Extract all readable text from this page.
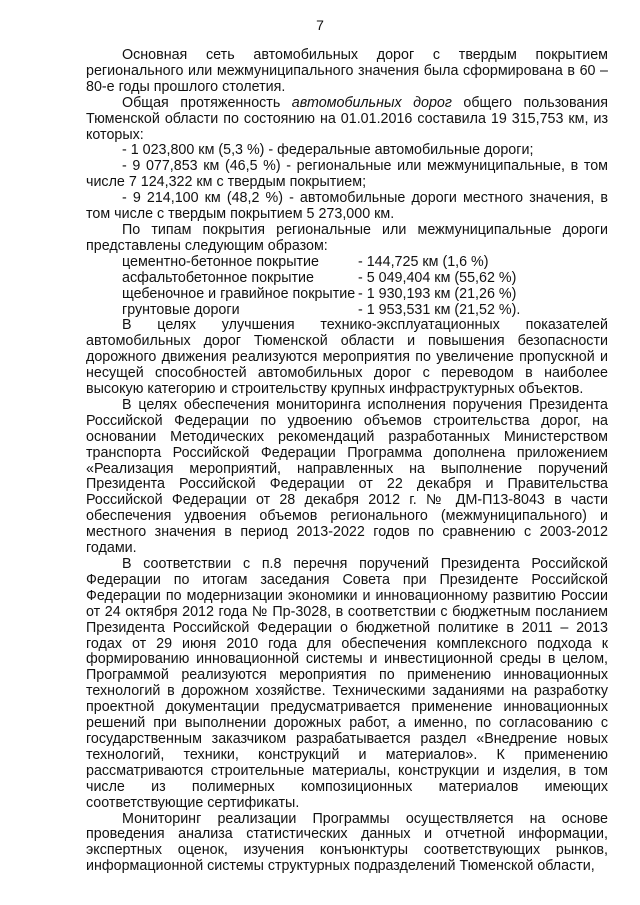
7

Основная сеть автомобильных дорог с твердым покрытием регионального или межмуниципального значения была сформирована в 60 – 80-е годы прошлого столетия.

Общая протяженность автомобильных дорог общего пользования Тюменской области по состоянию на 01.01.2016 составила 19 315,753 км, из которых:

- 1 023,800 км (5,3 %) - федеральные автомобильные дороги;

- 9 077,853 км (46,5 %) - региональные или межмуниципальные, в том числе 7 124,322 км с твердым покрытием;

- 9 214,100 км (48,2 %) - автомобильные дороги местного значения, в том числе с твердым покрытием 5 273,000 км.

По типам покрытия региональные или межмуниципальные дороги представлены следующим образом:

цементно-бетонное покрытие	- 144,725 км (1,6 %)
асфальтобетонное покрытие	- 5 049,404 км (55,62 %)
щебеночное и гравийное покрытие - 1 930,193 км (21,26 %)
грунтовые дороги	- 1 953,531 км (21,52 %).

В целях улучшения технико-эксплуатационных показателей автомобильных дорог Тюменской области и повышения безопасности дорожного движения реализуются мероприятия по увеличение пропускной и несущей способностей автомобильных дорог с переводом в наиболее высокую категорию и строительству крупных инфраструктурных объектов.

В целях обеспечения мониторинга исполнения поручения Президента Российской Федерации по удвоению объемов строительства дорог, на основании Методических рекомендаций разработанных Министерством транспорта Российской Федерации Программа дополнена приложением «Реализация мероприятий, направленных на выполнение поручений Президента Российской Федерации от 22 декабря и Правительства Российской Федерации от 28 декабря 2012 г. № ДМ-П13-8043 в части обеспечения удвоения объемов регионального (межмуниципального) и местного значения в период 2013-2022 годов по сравнению с 2003-2012 годами.

В соответствии с п.8 перечня поручений Президента Российской Федерации по итогам заседания Совета при Президенте Российской Федерации по модернизации экономики и инновационному развитию России от 24 октября 2012 года № Пр-3028, в соответствии с бюджетным посланием Президента Российской Федерации о бюджетной политике в 2011 – 2013 годах от 29 июня 2010 года для обеспечения комплексного подхода к формированию инновационной системы и инвестиционной среды в целом, Программой реализуются мероприятия по применению инновационных технологий в дорожном хозяйстве. Техническими заданиями на разработку проектной документации предусматривается применение инновационных решений при выполнении дорожных работ, а именно, по согласованию с государственным заказчиком разрабатывается раздел «Внедрение новых технологий, техники, конструкций и материалов». К применению рассматриваются строительные материалы, конструкции и изделия, в том числе из полимерных композиционных материалов имеющих соответствующие сертификаты.

Мониторинг реализации Программы осуществляется на основе проведения анализа статистических данных и отчетной информации, экспертных оценок, изучения конъюнктуры соответствующих рынков, информационной системы структурных подразделений Тюменской области,
